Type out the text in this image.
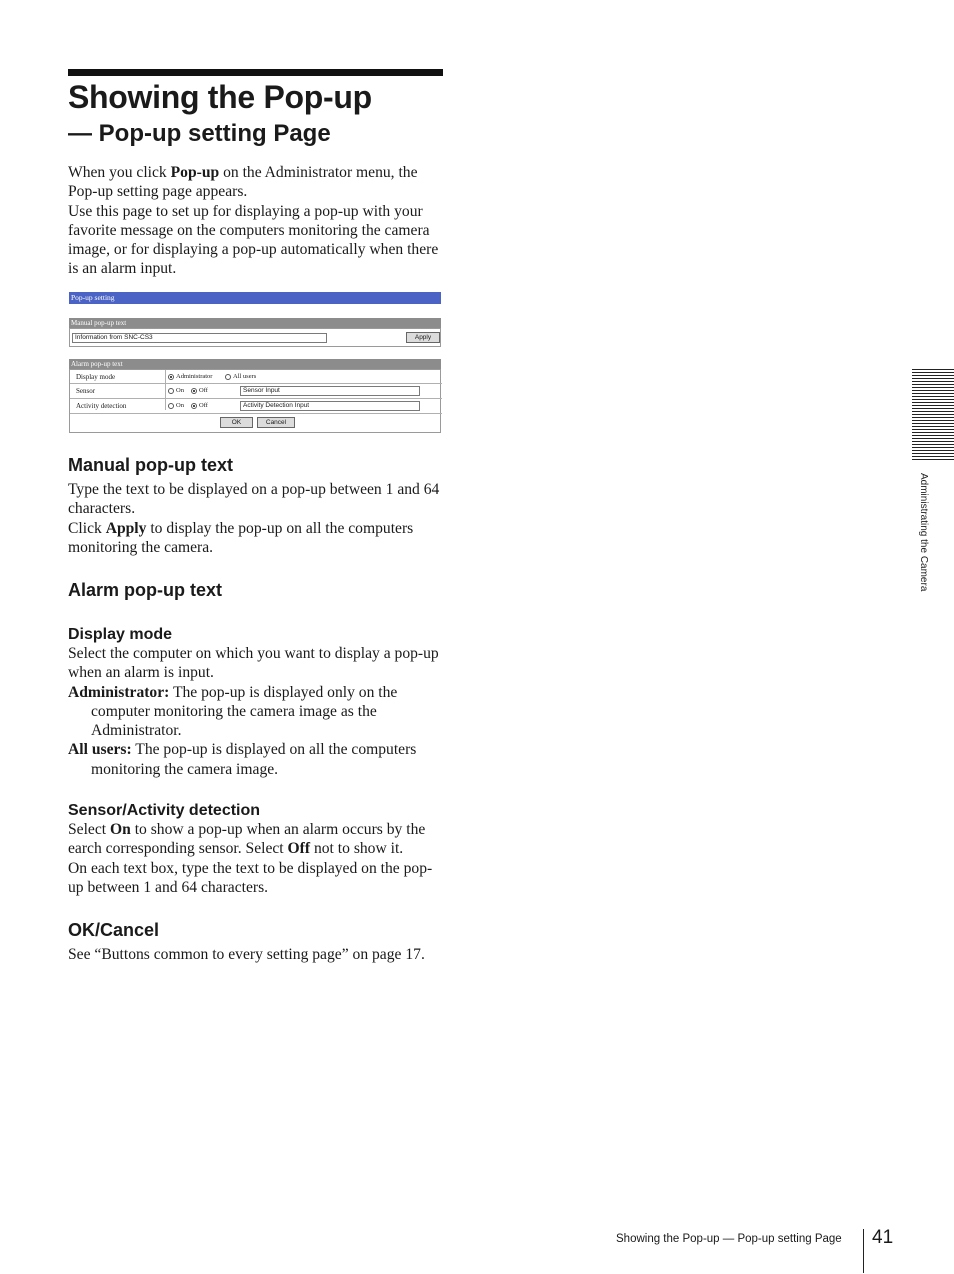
Showing the Pop-up
— Pop-up setting Page

When you click Pop-up on the Administrator menu, the Pop-up setting page appears.

Use this page to set up for displaying a pop-up with your favorite message on the computers monitoring the camera image, or for displaying a pop-up automatically when there is an alarm input.

Pop-up setting
Manual pop-up text
Information from SNC-CS3	Apply
Alarm pop-up text
Display mode	Administrator	All users
Sensor	On Off	Sensor Input
Activity detection	On Off	Activity Detection Input
OK	Cancel
Manual pop-up text

Type the text to be displayed on a pop-up between 1 and 64 characters.

Click Apply to display the pop-up on all the computers monitoring the camera.

Alarm pop-up text
Display mode

Select the computer on which you want to display a pop-up when an alarm is input.

Administrator: The pop-up is displayed only on the computer monitoring the camera image as the Administrator.

All users: The pop-up is displayed on all the computers monitoring the camera image.

Sensor/Activity detection

Select On to show a pop-up when an alarm occurs by the earch corresponding sensor. Select Off not to show it.

On each text box, type the text to be displayed on the pop-up between 1 and 64 characters.

OK/Cancel

See “Buttons common to every setting page” on page 17.

Administrating the Camera
Showing the Pop-up — Pop-up setting Page 41
